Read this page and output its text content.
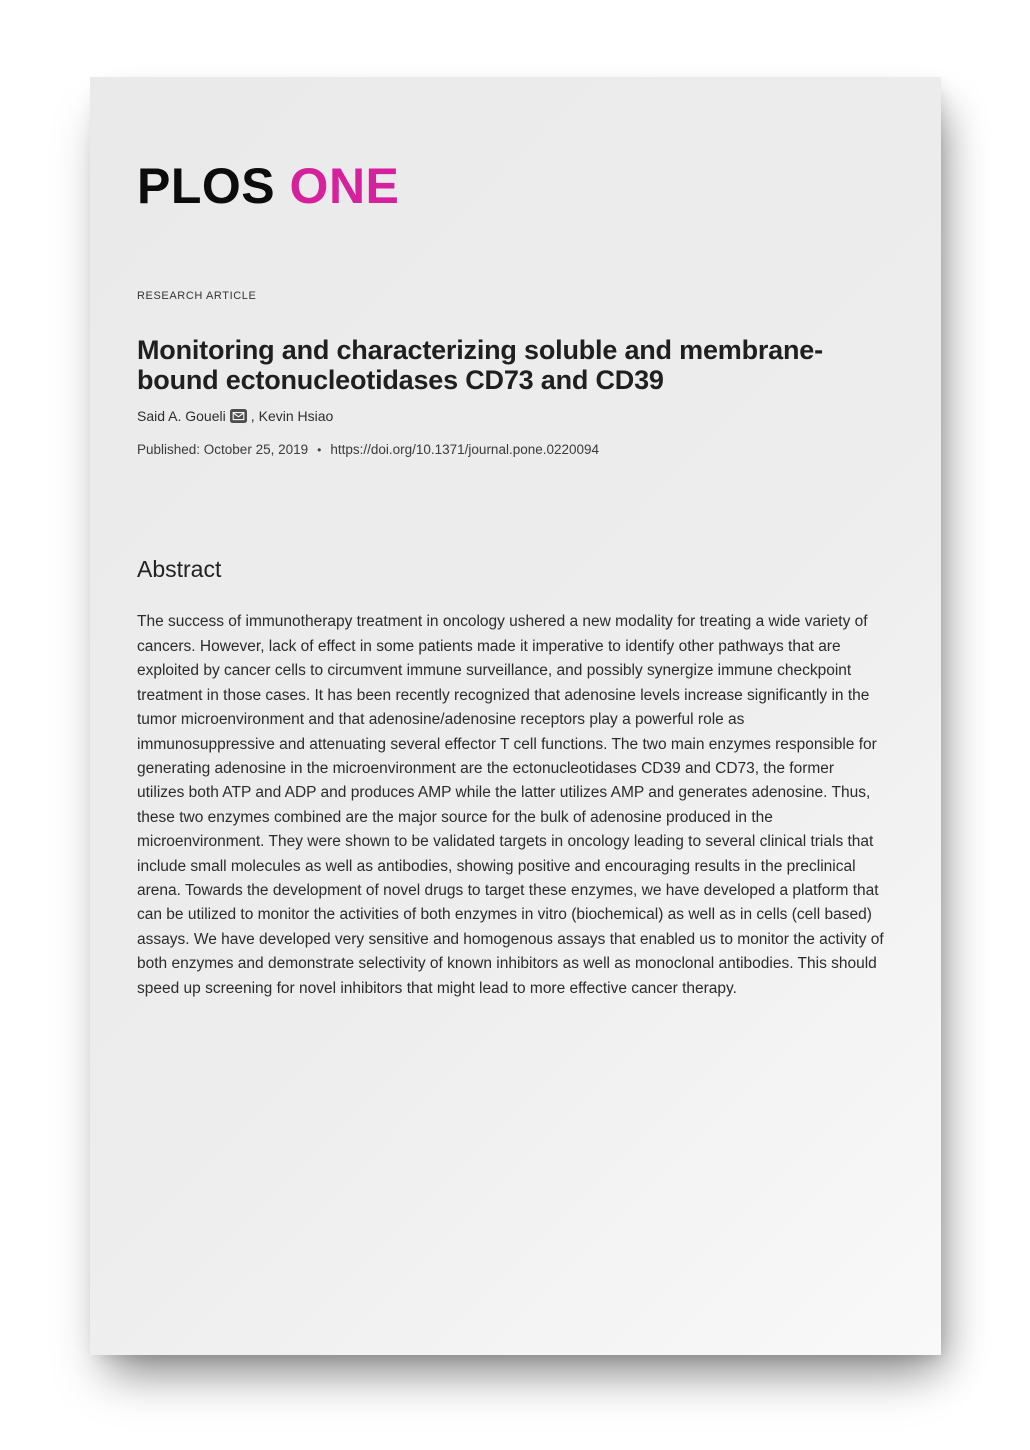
PLOS ONE
RESEARCH ARTICLE
Monitoring and characterizing soluble and membrane-bound ectonucleotidases CD73 and CD39
Said A. Goueli , Kevin Hsiao
Published: October 25, 2019 • https://doi.org/10.1371/journal.pone.0220094
Abstract

The success of immunotherapy treatment in oncology ushered a new modality for treating a wide variety of cancers. However, lack of effect in some patients made it imperative to identify other pathways that are exploited by cancer cells to circumvent immune surveillance, and possibly synergize immune checkpoint treatment in those cases. It has been recently recognized that adenosine levels increase significantly in the tumor microenvironment and that adenosine/adenosine receptors play a powerful role as immunosuppressive and attenuating several effector T cell functions. The two main enzymes responsible for generating adenosine in the microenvironment are the ectonucleotidases CD39 and CD73, the former utilizes both ATP and ADP and produces AMP while the latter utilizes AMP and generates adenosine. Thus, these two enzymes combined are the major source for the bulk of adenosine produced in the microenvironment. They were shown to be validated targets in oncology leading to several clinical trials that include small molecules as well as antibodies, showing positive and encouraging results in the preclinical arena. Towards the development of novel drugs to target these enzymes, we have developed a platform that can be utilized to monitor the activities of both enzymes in vitro (biochemical) as well as in cells (cell based) assays. We have developed very sensitive and homogenous assays that enabled us to monitor the activity of both enzymes and demonstrate selectivity of known inhibitors as well as monoclonal antibodies. This should speed up screening for novel inhibitors that might lead to more effective cancer therapy.
